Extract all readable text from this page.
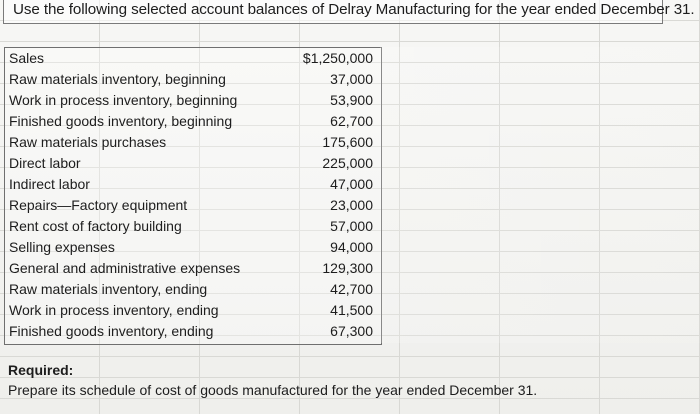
Use the following selected account balances of Delray Manufacturing for the year ended December 31.
Sales	$1,250,000
Raw materials inventory, beginning	37,000
Work in process inventory, beginning	53,900
Finished goods inventory, beginning	62,700
Raw materials purchases	175,600
Direct labor	225,000
Indirect labor	47,000
Repairs—Factory equipment	23,000
Rent cost of factory building	57,000
Selling expenses	94,000
General and administrative expenses	129,300
Raw materials inventory, ending	42,700
Work in process inventory, ending	41,500
Finished goods inventory, ending	67,300
Required:
Prepare its schedule of cost of goods manufactured for the year ended December 31.
